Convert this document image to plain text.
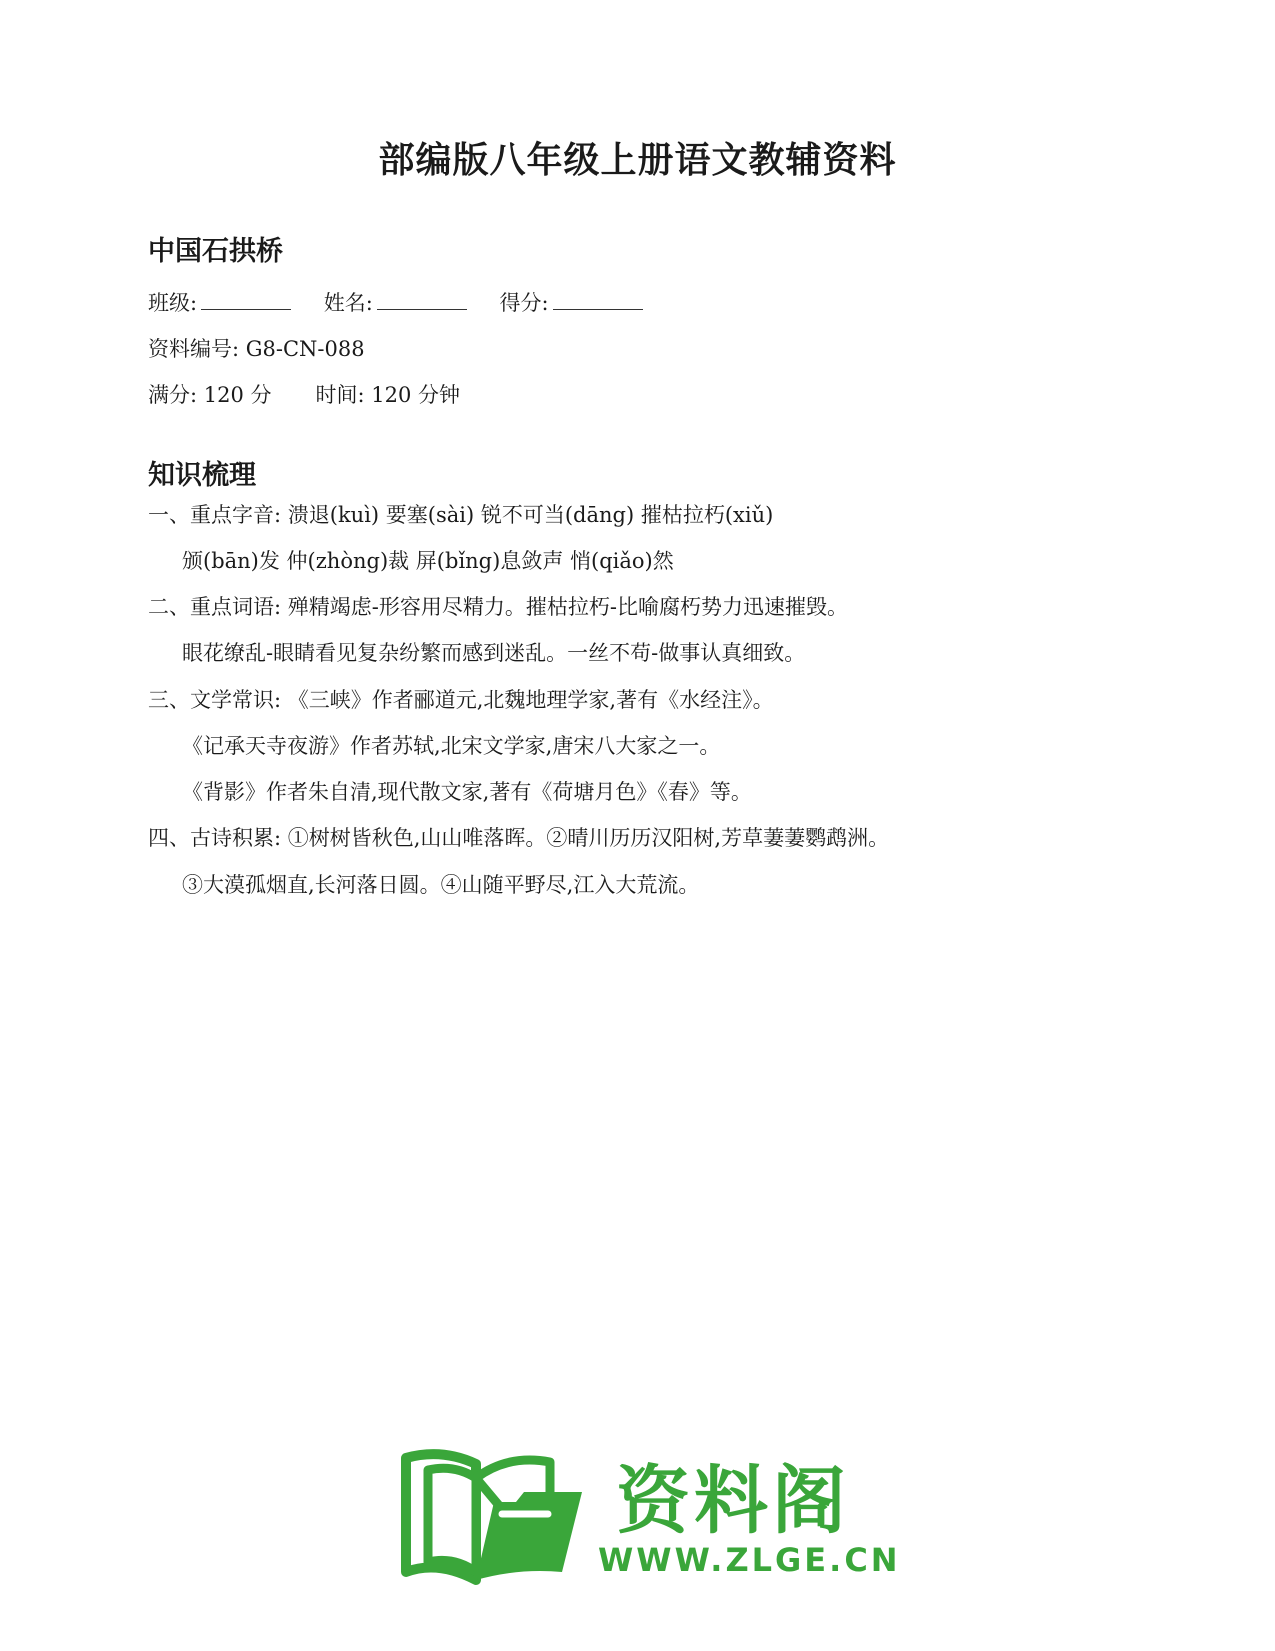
部编版八年级上册语文教辅资料
中国石拱桥
班级:	姓名:	得分:
资料编号: G8-CN-088
满分: 120 分 时间: 120 分钟
知识梳理
一、重点字音: 溃退(kuì) 要塞(sài) 锐不可当(dāng) 摧枯拉朽(xiǔ)
颁(bān)发 仲(zhòng)裁 屏(bǐng)息敛声 悄(qiǎo)然
二、重点词语: 殚精竭虑-形容用尽精力。摧枯拉朽-比喻腐朽势力迅速摧毁。
眼花缭乱-眼睛看见复杂纷繁而感到迷乱。一丝不苟-做事认真细致。
三、文学常识: 《三峡》作者郦道元,北魏地理学家,著有《水经注》。
《记承天寺夜游》作者苏轼,北宋文学家,唐宋八大家之一。
《背影》作者朱自清,现代散文家,著有《荷塘月色》《春》等。
四、古诗积累: ①树树皆秋色,山山唯落晖。②晴川历历汉阳树,芳草萋萋鹦鹉洲。
③大漠孤烟直,长河落日圆。④山随平野尽,江入大荒流。
资料阁
WWW.ZLGE.CN
